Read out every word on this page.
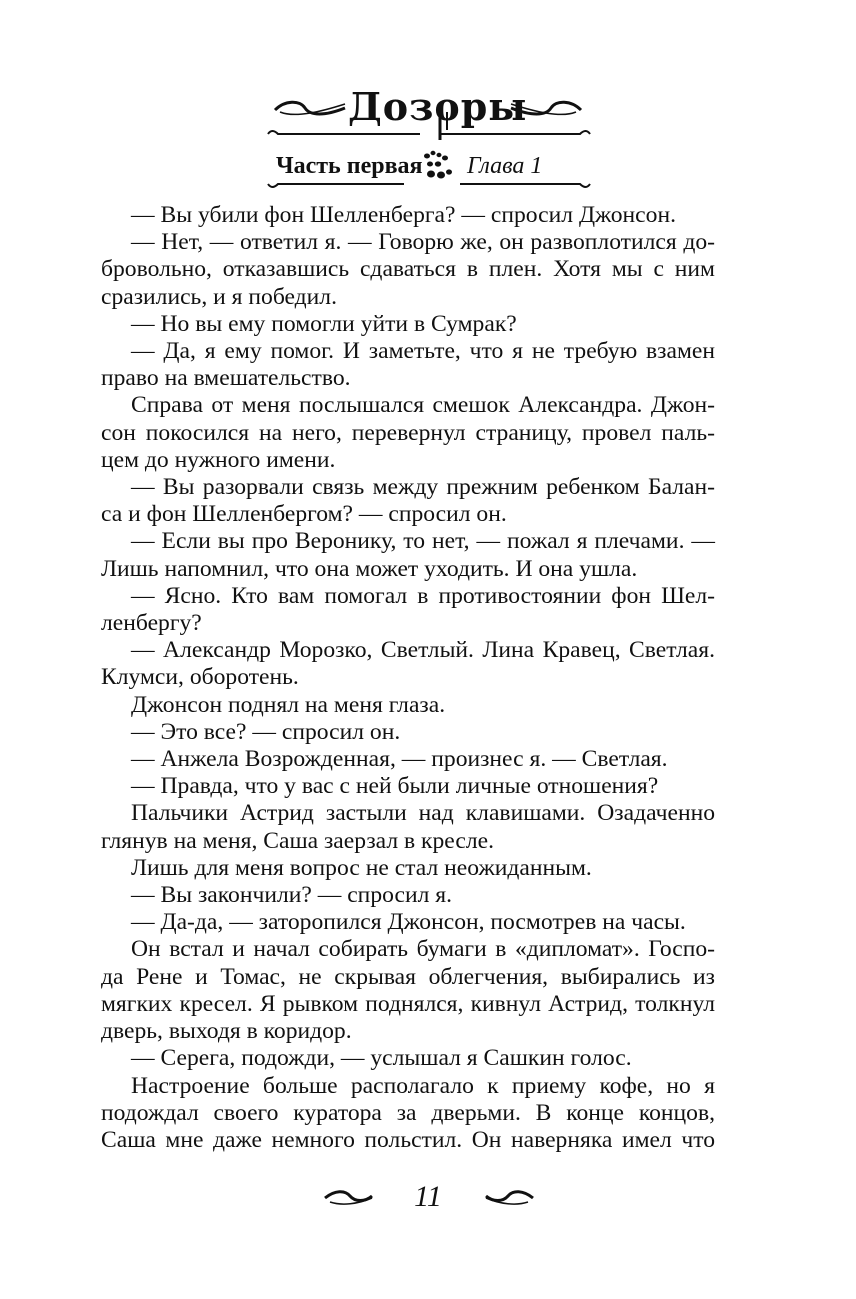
Дозоры
Часть первая Глава 1
— Вы убили фон Шелленберга? — спросил Джонсон.
— Нет, — ответил я. — Говорю же, он развоплотился до-
бровольно, отказавшись сдаваться в плен. Хотя мы с ним
сразились, и я победил.
— Но вы ему помогли уйти в Сумрак?
— Да, я ему помог. И заметьте, что я не требую взамен
право на вмешательство.
Справа от меня послышался смешок Александра. Джон-
сон покосился на него, перевернул страницу, провел паль-
цем до нужного имени.
— Вы разорвали связь между прежним ребенком Балан-
са и фон Шелленбергом? — спросил он.
— Если вы про Веронику, то нет, — пожал я плечами. —
Лишь напомнил, что она может уходить. И она ушла.
— Ясно. Кто вам помогал в противостоянии фон Шел-
ленбергу?
— Александр Морозко, Светлый. Лина Кравец, Светлая.
Клумси, оборотень.
Джонсон поднял на меня глаза.
— Это все? — спросил он.
— Анжела Возрожденная, — произнес я. — Светлая.
— Правда, что у вас с ней были личные отношения?
Пальчики Астрид застыли над клавишами. Озадаченно
глянув на меня, Саша заерзал в кресле.
Лишь для меня вопрос не стал неожиданным.
— Вы закончили? — спросил я.
— Да-да, — заторопился Джонсон, посмотрев на часы.
Он встал и начал собирать бумаги в «дипломат». Госпо-
да Рене и Томас, не скрывая облегчения, выбирались из
мягких кресел. Я рывком поднялся, кивнул Астрид, толкнул
дверь, выходя в коридор.
— Серега, подожди, — услышал я Сашкин голос.
Настроение больше располагало к приему кофе, но я
подождал своего куратора за дверьми. В конце концов,
Саша мне даже немного польстил. Он наверняка имел что
11
